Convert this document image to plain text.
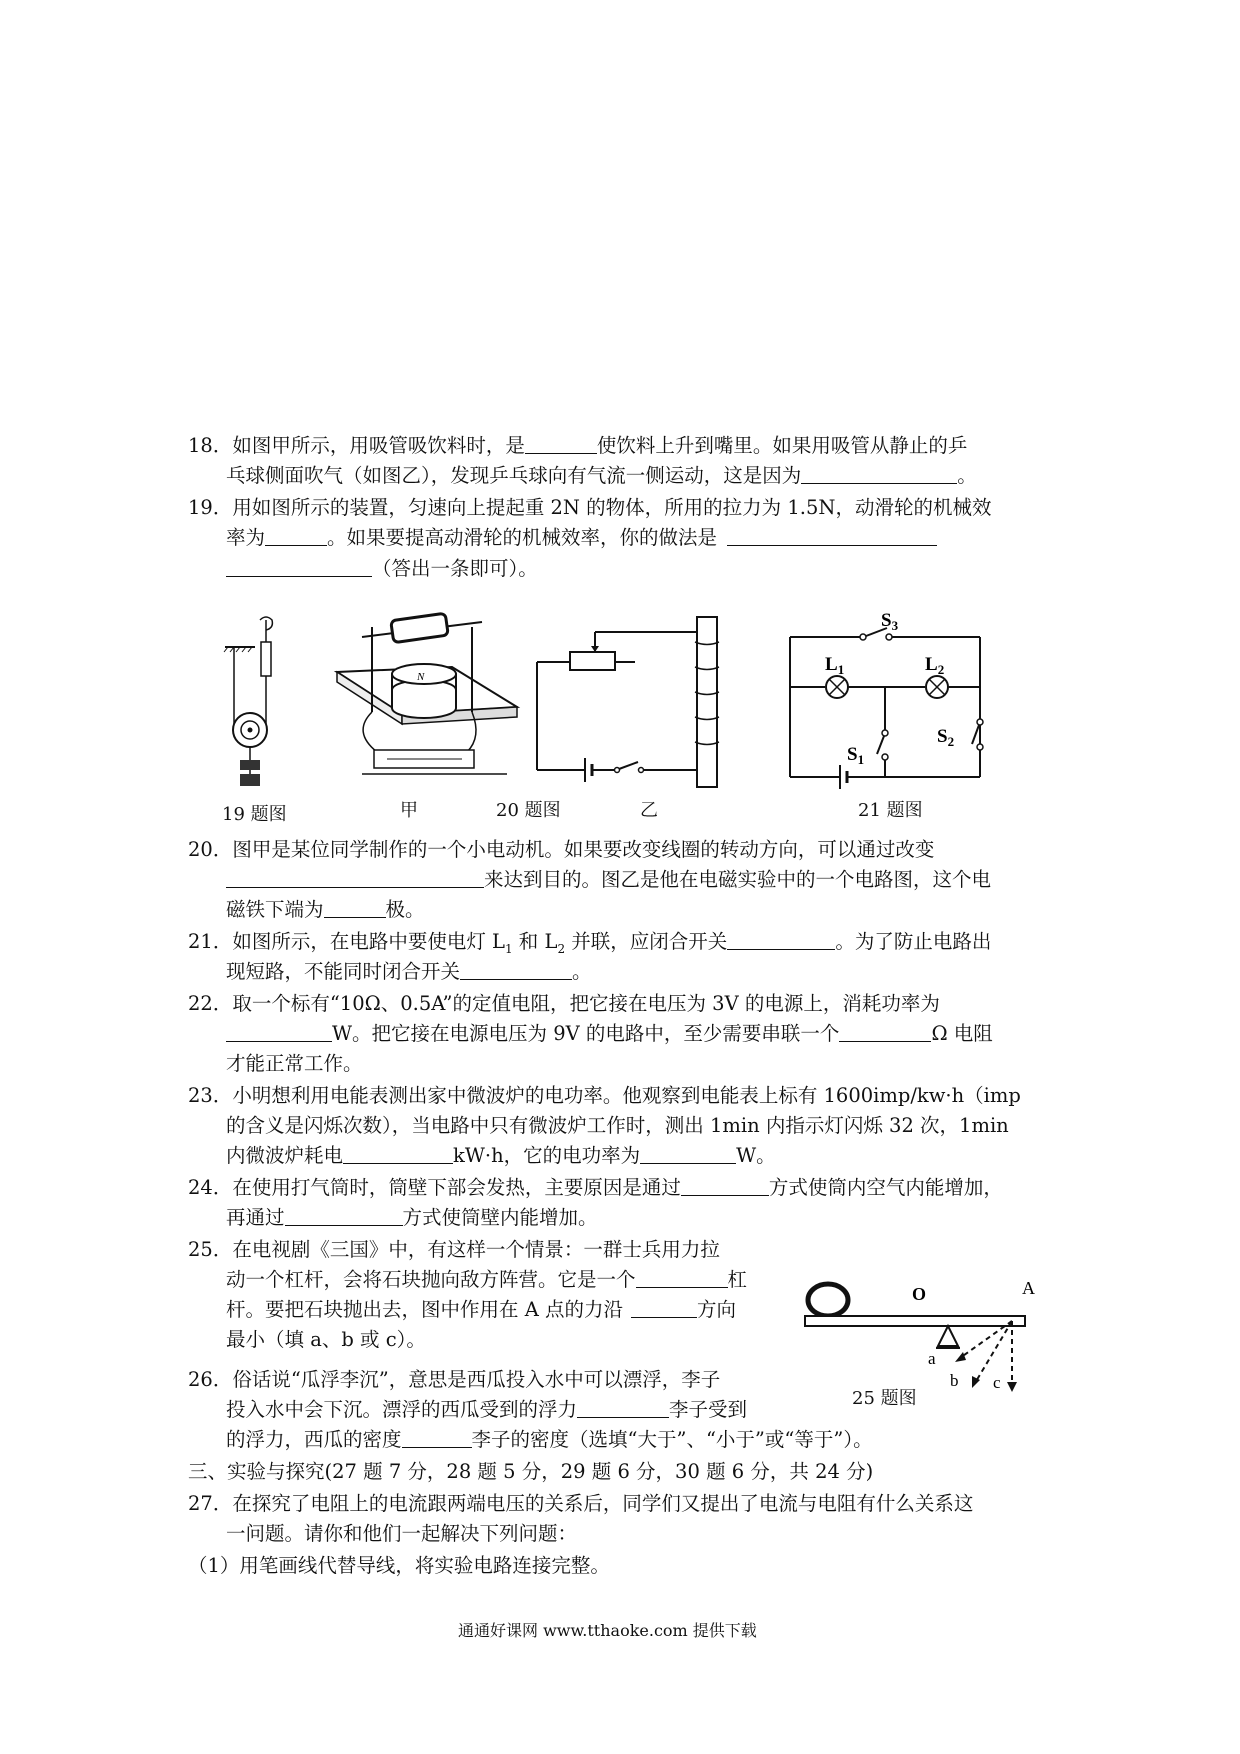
18．如图甲所示，用吸管吸饮料时，是	使饮料上升到嘴里。如果用吸管从静止的乒
乓球侧面吹气（如图乙），发现乒乓球向有气流一侧运动，这是因为	。
19．用如图所示的装置，匀速向上提起重 2N 的物体，所用的拉力为 1.5N，动滑轮的机械效
率为	。如果要提高动滑轮的机械效率，你的做法是
（答出一条即可）。
19 题图
N
甲	20 题图	乙
$S_3$
$L_1$	$L_2$
$S_1$
$S_2$
21 题图
20．图甲是某位同学制作的一个小电动机。如果要改变线圈的转动方向，可以通过改变
来达到目的。图乙是他在电磁实验中的一个电路图，这个电
磁铁下端为	极。
21．如图所示，在电路中要使电灯 $L_1$ 和 $L_2$ 并联，应闭合开关	。为了防止电路出
现短路，不能同时闭合开关	。
22．取一个标有“10Ω、0.5A”的定值电阻，把它接在电压为 3V 的电源上，消耗功率为
W。把它接在电源电压为 9V 的电路中，至少需要串联一个	Ω 电阻
才能正常工作。
23．小明想利用电能表测出家中微波炉的电功率。他观察到电能表上标有 1600imp/kw·h（imp
的含义是闪烁次数），当电路中只有微波炉工作时，测出 1min 内指示灯闪烁 32 次，1min
内微波炉耗电	kW·h，它的电功率为	W。
24．在使用打气筒时，筒壁下部会发热，主要原因是通过	方式使筒内空气内能增加，
再通过	方式使筒壁内能增加。
25．在电视剧《三国》中，有这样一个情景：一群士兵用力拉
动一个杠杆，会将石块抛向敌方阵营。它是一个	杠
杆。要把石块抛出去，图中作用在 A 点的力沿	方向
最小（填 a、b 或 c）。
O	A
a
b c
25 题图
26．俗话说“瓜浮李沉”，意思是西瓜投入水中可以漂浮，李子
投入水中会下沉。漂浮的西瓜受到的浮力	李子受到
的浮力，西瓜的密度	李子的密度（选填“大于”、“小于”或“等于”）。
三、实验与探究(27 题 7 分，28 题 5 分，29 题 6 分，30 题 6 分，共 24 分)
27．在探究了电阻上的电流跟两端电压的关系后，同学们又提出了电流与电阻有什么关系这
一问题。请你和他们一起解决下列问题：
（1）用笔画线代替导线，将实验电路连接完整。
通通好课网 www.tthaoke.com 提供下载
